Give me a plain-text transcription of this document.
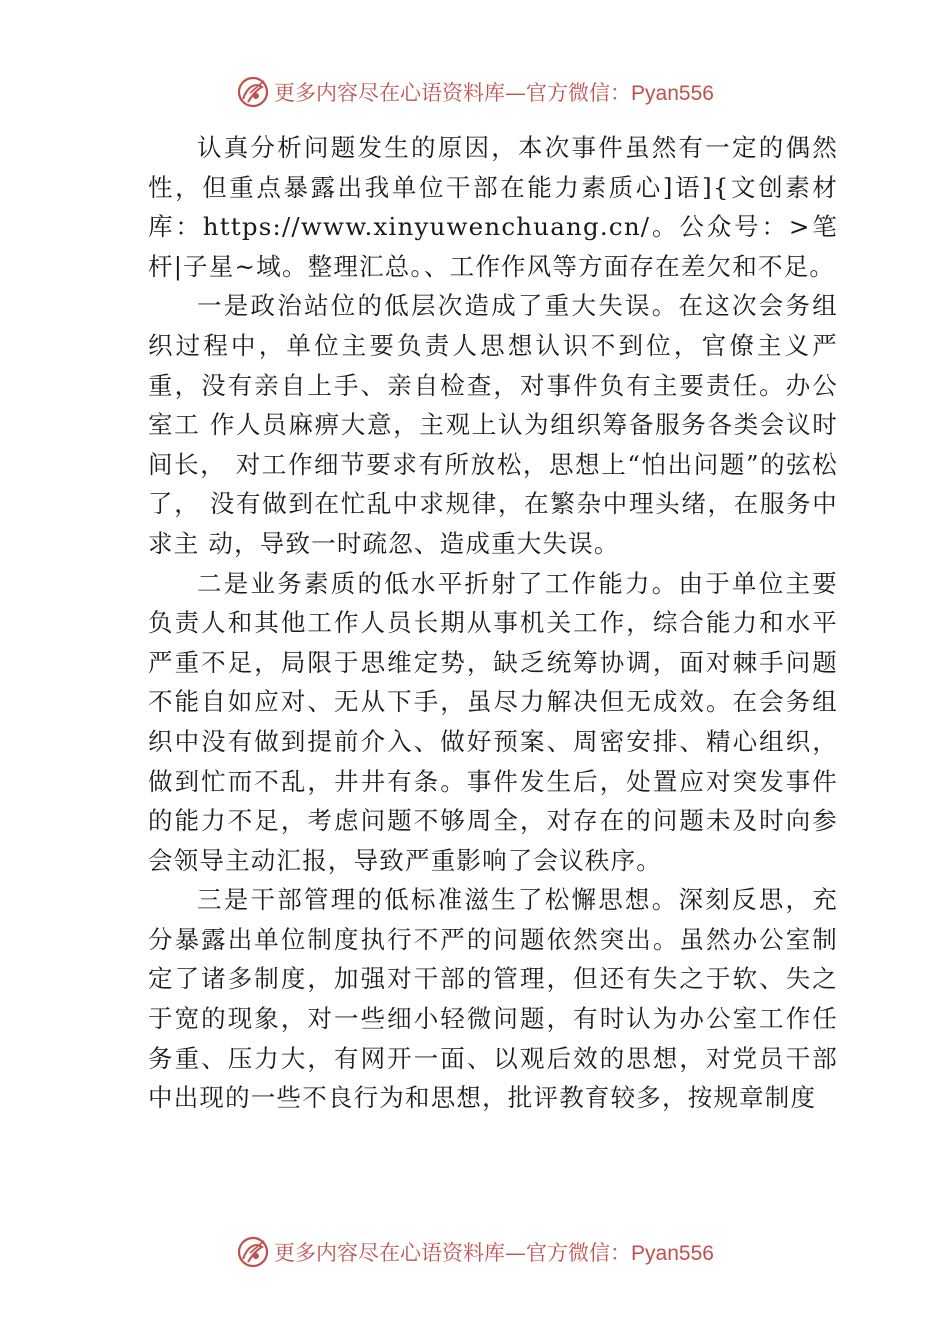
更多内容尽在心语资料库—官方微信：Pyan556

认真分析问题发生的原因，本次事件虽然有一定的偶然性，但重点暴露出我单位干部在能力素质心]语]{文创素材库：https://www.xinyuwenchuang.cn/。公众号：>笔杆|子星~域。整理汇总。、工作作风等方面存在差欠和不足。

一是政治站位的低层次造成了重大失误。在这次会务组织过程中，单位主要负责人思想认识不到位，官僚主义严重，没有亲自上手、亲自检查，对事件负有主要责任。办公室工 作人员麻痹大意，主观上认为组织筹备服务各类会议时间长， 对工作细节要求有所放松，思想上“怕出问题”的弦松了， 没有做到在忙乱中求规律，在繁杂中理头绪，在服务中求主 动，导致一时疏忽、造成重大失误。

二是业务素质的低水平折射了工作能力。由于单位主要负责人和其他工作人员长期从事机关工作，综合能力和水平严重不足，局限于思维定势，缺乏统筹协调，面对棘手问题不能自如应对、无从下手，虽尽力解决但无成效。在会务组织中没有做到提前介入、做好预案、周密安排、精心组织，做到忙而不乱，井井有条。事件发生后，处置应对突发事件的能力不足，考虑问题不够周全，对存在的问题未及时向参会领导主动汇报，导致严重影响了会议秩序。

三是干部管理的低标准滋生了松懈思想。深刻反思，充分暴露出单位制度执行不严的问题依然突出。虽然办公室制定了诸多制度，加强对干部的管理，但还有失之于软、失之于宽的现象，对一些细小轻微问题，有时认为办公室工作任务重、压力大，有网开一面、以观后效的思想，对党员干部中出现的一些不良行为和思想，批评教育较多，按规章制度

更多内容尽在心语资料库—官方微信：Pyan556
